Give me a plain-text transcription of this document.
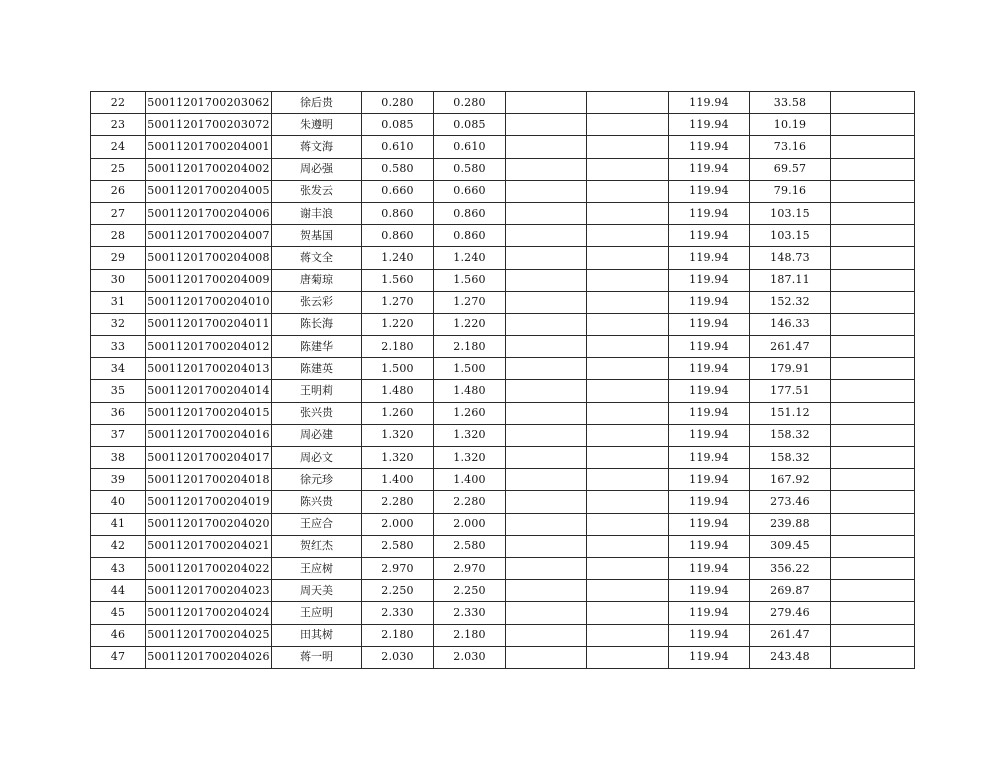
22	50011201700203062	徐后贵	0.280	0.280			119.94	33.58	
23	50011201700203072	朱遵明	0.085	0.085			119.94	10.19	
24	50011201700204001	蒋文海	0.610	0.610			119.94	73.16	
25	50011201700204002	周必强	0.580	0.580			119.94	69.57	
26	50011201700204005	张发云	0.660	0.660			119.94	79.16	
27	50011201700204006	谢丰浪	0.860	0.860			119.94	103.15	
28	50011201700204007	贺基国	0.860	0.860			119.94	103.15	
29	50011201700204008	蒋文全	1.240	1.240			119.94	148.73	
30	50011201700204009	唐菊琼	1.560	1.560			119.94	187.11	
31	50011201700204010	张云彩	1.270	1.270			119.94	152.32	
32	50011201700204011	陈长海	1.220	1.220			119.94	146.33	
33	50011201700204012	陈建华	2.180	2.180			119.94	261.47	
34	50011201700204013	陈建英	1.500	1.500			119.94	179.91	
35	50011201700204014	王明莉	1.480	1.480			119.94	177.51	
36	50011201700204015	张兴贵	1.260	1.260			119.94	151.12	
37	50011201700204016	周必建	1.320	1.320			119.94	158.32	
38	50011201700204017	周必文	1.320	1.320			119.94	158.32	
39	50011201700204018	徐元珍	1.400	1.400			119.94	167.92	
40	50011201700204019	陈兴贵	2.280	2.280			119.94	273.46	
41	50011201700204020	王应合	2.000	2.000			119.94	239.88	
42	50011201700204021	贺红杰	2.580	2.580			119.94	309.45	
43	50011201700204022	王应树	2.970	2.970			119.94	356.22	
44	50011201700204023	周天美	2.250	2.250			119.94	269.87	
45	50011201700204024	王应明	2.330	2.330			119.94	279.46	
46	50011201700204025	田其树	2.180	2.180			119.94	261.47	
47	50011201700204026	蒋一明	2.030	2.030			119.94	243.48	
